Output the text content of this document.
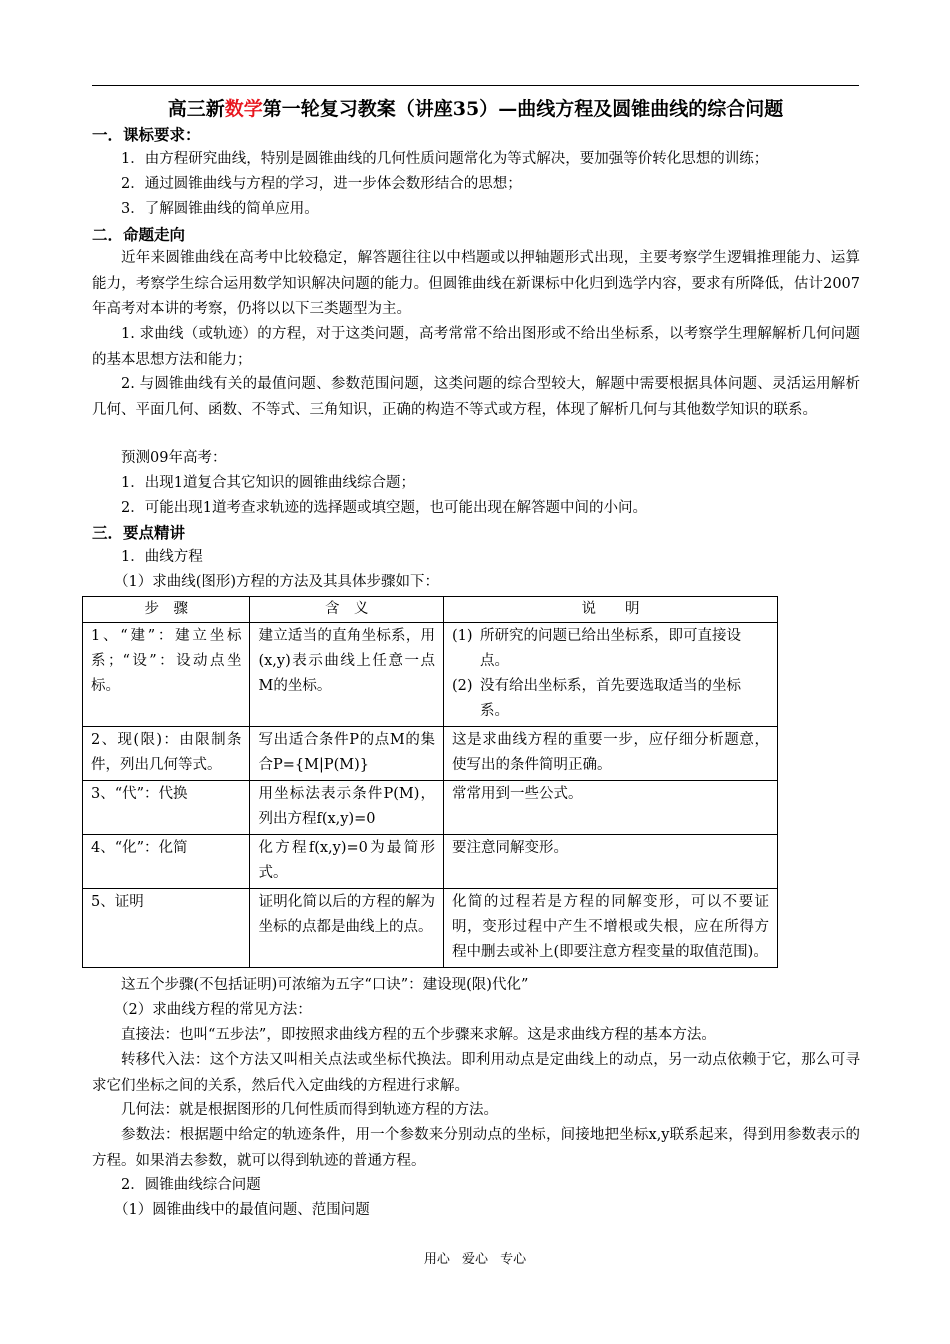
高三新数学第一轮复习教案（讲座35）—曲线方程及圆锥曲线的综合问题
一．课标要求：
1．由方程研究曲线，特别是圆锥曲线的几何性质问题常化为等式解决，要加强等价转化思想的训练；
2．通过圆锥曲线与方程的学习，进一步体会数形结合的思想；
3．了解圆锥曲线的简单应用。
二．命题走向
近年来圆锥曲线在高考中比较稳定，解答题往往以中档题或以押轴题形式出现，主要考察学生逻辑推理能力、运算能力，考察学生综合运用数学知识解决问题的能力。但圆锥曲线在新课标中化归到选学内容，要求有所降低，估计2007年高考对本讲的考察，仍将以以下三类题型为主。
1. 求曲线（或轨迹）的方程，对于这类问题，高考常常不给出图形或不给出坐标系，以考察学生理解解析几何问题的基本思想方法和能力；
2. 与圆锥曲线有关的最值问题、参数范围问题，这类问题的综合型较大，解题中需要根据具体问题、灵活运用解析几何、平面几何、函数、不等式、三角知识，正确的构造不等式或方程，体现了解析几何与其他数学知识的联系。
预测09年高考：
1．出现1道复合其它知识的圆锥曲线综合题；
2．可能出现1道考查求轨迹的选择题或填空题，也可能出现在解答题中间的小问。
三．要点精讲
1．曲线方程
（1）求曲线(图形)方程的方法及其具体步骤如下：
步　骤	含　义	说　　明
1、“建”：建立坐标系；“设”：设动点坐标。	建立适当的直角坐标系，用(x,y)表示曲线上任意一点M的坐标。	(1) 所研究的问题已给出坐标系，即可直接设点。
(2) 没有给出坐标系，首先要选取适当的坐标系。

2、现(限)：由限制条件，列出几何等式。	写出适合条件P的点M的集合P={M|P(M)}	这是求曲线方程的重要一步，应仔细分析题意，使写出的条件简明正确。
3、“代”：代换	用坐标法表示条件P(M)，列出方程f(x,y)=0	常常用到一些公式。
4、“化”：化简	化方程f(x,y)=0为最简形式。	要注意同解变形。
5、证明	证明化简以后的方程的解为坐标的点都是曲线上的点。	化简的过程若是方程的同解变形，可以不要证明，变形过程中产生不增根或失根，应在所得方程中删去或补上(即要注意方程变量的取值范围)。
这五个步骤(不包括证明)可浓缩为五字“口诀”：建设现(限)代化”
（2）求曲线方程的常见方法：
直接法：也叫“五步法”，即按照求曲线方程的五个步骤来求解。这是求曲线方程的基本方法。
转移代入法：这个方法又叫相关点法或坐标代换法。即利用动点是定曲线上的动点，另一动点依赖于它，那么可寻求它们坐标之间的关系，然后代入定曲线的方程进行求解。
几何法：就是根据图形的几何性质而得到轨迹方程的方法。
参数法：根据题中给定的轨迹条件，用一个参数来分别动点的坐标，间接地把坐标x,y联系起来，得到用参数表示的方程。如果消去参数，就可以得到轨迹的普通方程。
2．圆锥曲线综合问题
（1）圆锥曲线中的最值问题、范围问题
用心 爱心 专心
